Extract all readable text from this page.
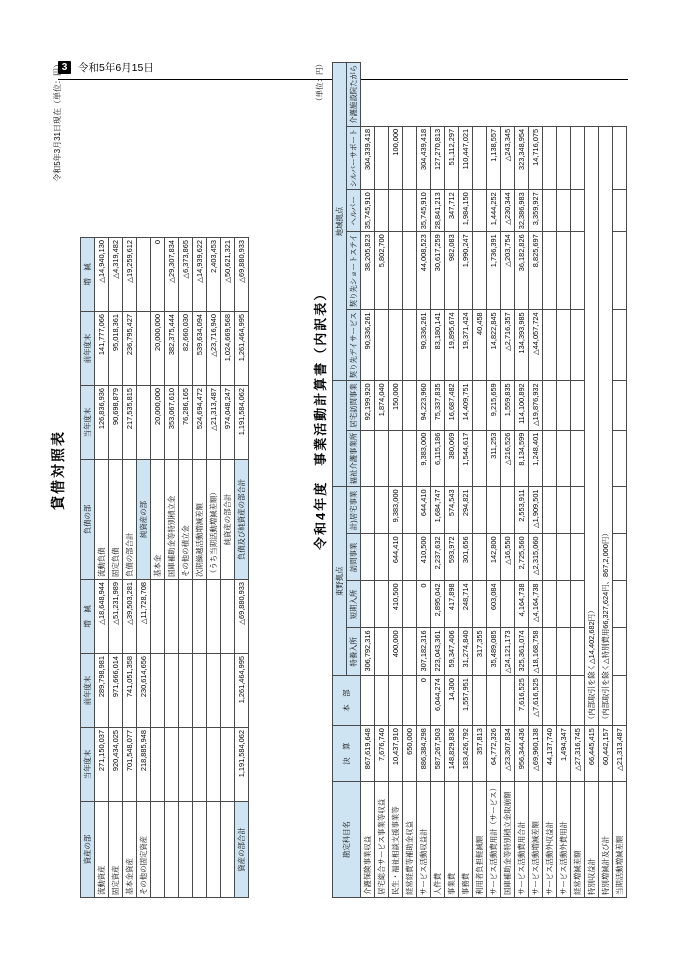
3	令和5年6月15日
貸借対照表
令和5年3月31日現在（単位：円）
資産の部	当年度末	前年度末	増　減	負債の部	当年度末	前年度末	増　減
流動資産	271,150,037	289,798,981	△18,648,944	流動負債	126,836,936	141,777,066	△14,940,130
固定資産	920,434,025	971,666,014	△51,231,989	固定負債	90,698,879	95,018,361	△4,319,482
基本金資産	701,548,077	741,051,358	△39,503,281	負債の部合計	217,535,815	236,795,427	△19,259,612
その他の固定資産	218,885,948	230,614,656	△11,728,708	純資産の部			
				基本金	20,000,000	20,000,000	0
				国庫補助金等特別積立金	353,067,610	382,375,444	△29,307,834
				その他の積立金	76,286,165	82,660,030	△6,373,865
				次期繰越活動増減差額	524,694,472	539,634,094	△14,939,622
				（うち当期活動増減差額）	△21,313,487	△23,716,940	2,403,453
				純資産の部合計	974,048,247	1,024,669,568	△50,621,321
資産の部合計	1,191,584,062	1,261,464,995	△69,880,933	負債及び純資産の部合計	1,191,584,062	1,261,464,995	△69,880,933
令和4年度　事業活動計算書（内訳表）
（単位：円）
勘定科目名	決　算	本　部	東野拠点						地域拠点				
			特養入所	短期入所	訪問事業	計)居宅事業	福祉介護事業所	居宅訪問事業	契り先デイサービス	契り先ショートステイ	ヘルパー	シルバーサポート	介護施設院たがら
介護保険事業収益	867,619,648		306,792,316					92,199,920	90,336,261	38,205,823	35,745,910	304,339,418	
居宅総合サービス事業等収益	7,676,740							1,874,040		5,802,700			
民生・福祉相談支援事業等	10,437,910		400,000	410,500	644,410	9,383,000		150,000				100,000	
経常経費等補助金収益	650,000												
サービス活動収益計	886,384,298	0	307,182,316	0	410,500	644,410	9,383,000	94,223,960	90,336,261	44,008,523	35,745,910	304,439,418	
人件費	587,267,503	6,044,274	223,043,361	2,895,042	2,237,632	1,684,747	6,115,186	75,337,835	83,180,141	30,617,259	28,841,213	127,270,813	
事業費	148,829,836	14,300	59,347,406	417,898	593,972	574,543	380,069	16,687,482	19,895,674	982,083	347,712	51,112,297	
事務費	183,426,792	1,557,951	31,274,840	248,714	301,656	294,821	1,544,617	14,409,751	19,371,424	1,990,247	1,984,150	110,447,021	
利用者負担軽減額	357,813		317,355						40,458				
サービス活動費用計（サービス）	64,772,326		35,489,085	603,084	142,800		311,253	9,215,659	14,822,845	1,736,391	1,444,252	1,138,557	
国庫補助金等特別積立金取崩額	△23,307,834		△24,121,173		△16,550		△216,526	1,559,835	△2,716,357	△203,754	△230,344	△243,345	
サービス活動費用合計	956,344,436	7,616,525	325,361,074	4,164,738	2,725,560	2,553,911	8,134,599	114,100,892	134,393,985	36,182,826	32,386,983	323,348,954	
サービス活動増減差額	△69,960,138	△7,616,525	△18,168,758	△4,164,738	△2,315,060	△1,909,501	1,248,401	△19,876,932	△44,057,724	8,825,697	3,359,927	14,716,075	
サービス活動外収益計	44,137,740												
サービス活動外費用計	1,494,347												
経常増減差額	△27,316,745												
特別収益計	66,445,415	（内部取引を除く△14,402,682円）											
特別増減計及び計	60,442,157	（内部取引を除く△特別費用66,327,624円、867,2,000円）											
当期活動増減差額	△21,313,487												
